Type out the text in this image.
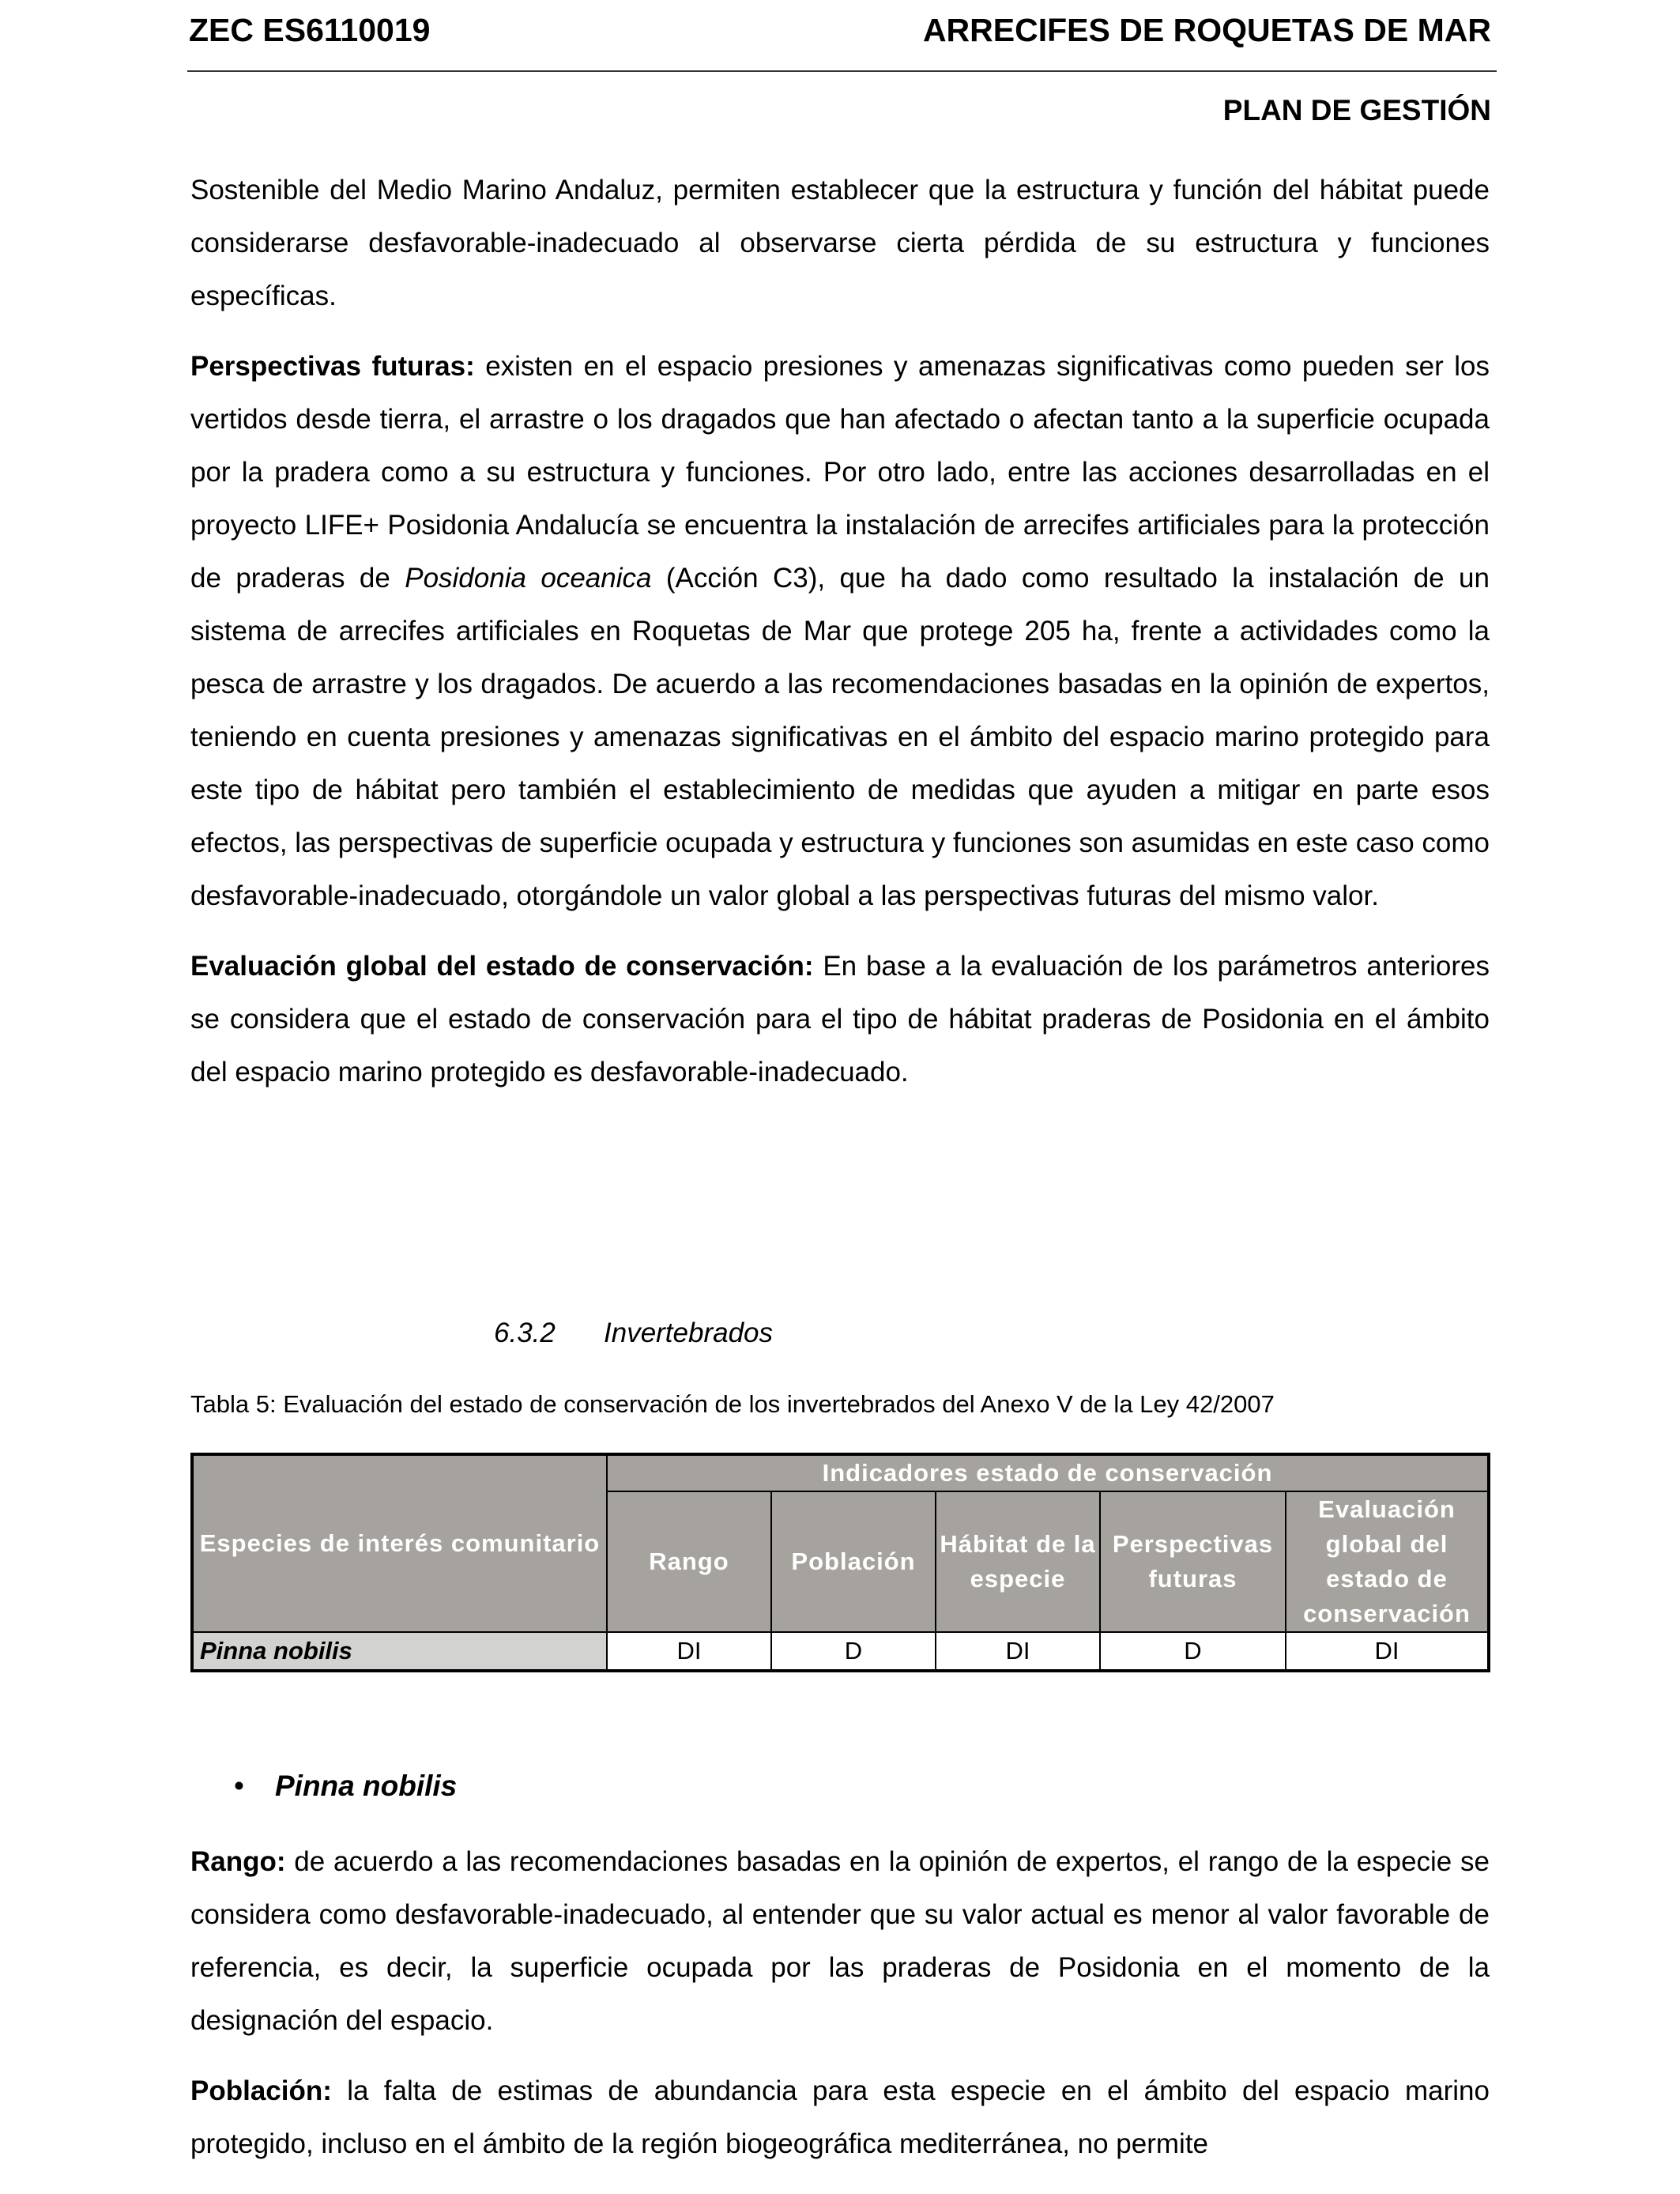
ZEC ES6110019	ARRECIFES DE ROQUETAS DE MAR
PLAN DE GESTIÓN

Sostenible del Medio Marino Andaluz, permiten establecer que la estructura y función del hábitat puede considerarse desfavorable-inadecuado al observarse cierta pérdida de su estructura y funciones específicas.

Perspectivas futuras: existen en el espacio presiones y amenazas significativas como pueden ser los vertidos desde tierra, el arrastre o los dragados que han afectado o afectan tanto a la superficie ocupada por la pradera como a su estructura y funciones. Por otro lado, entre las acciones desarrolladas en el proyecto LIFE+ Posidonia Andalucía se encuentra la instalación de arrecifes artificiales para la protección de praderas de Posidonia oceanica (Acción C3), que ha dado como resultado la instalación de un sistema de arrecifes artificiales en Roquetas de Mar que protege 205 ha, frente a actividades como la pesca de arrastre y los dragados. De acuerdo a las recomendaciones basadas en la opinión de expertos, teniendo en cuenta presiones y amenazas significativas en el ámbito del espacio marino protegido para este tipo de hábitat pero también el establecimiento de medidas que ayuden a mitigar en parte esos efectos, las perspectivas de superficie ocupada y estructura y funciones son asumidas en este caso como desfavorable-inadecuado, otorgándole un valor global a las perspectivas futuras del mismo valor.

Evaluación global del estado de conservación: En base a la evaluación de los parámetros anteriores se considera que el estado de conservación para el tipo de hábitat praderas de Posidonia en el ámbito del espacio marino protegido es desfavorable-inadecuado.

6.3.2 Invertebrados
Tabla 5: Evaluación del estado de conservación de los invertebrados del Anexo V de la Ley 42/2007
Especies de interés comunitario	Indicadores estado de conservación				
	Rango	Población	Hábitat de la especie	Perspectivas futuras	Evaluación global del estado de conservación
Pinna nobilis	DI	D	DI	D	DI
• Pinna nobilis

Rango: de acuerdo a las recomendaciones basadas en la opinión de expertos, el rango de la especie se considera como desfavorable-inadecuado, al entender que su valor actual es menor al valor favorable de referencia, es decir, la superficie ocupada por las praderas de Posidonia en el momento de la designación del espacio.

Población: la falta de estimas de abundancia para esta especie en el ámbito del espacio marino protegido, incluso en el ámbito de la región biogeográfica mediterránea, no permite
